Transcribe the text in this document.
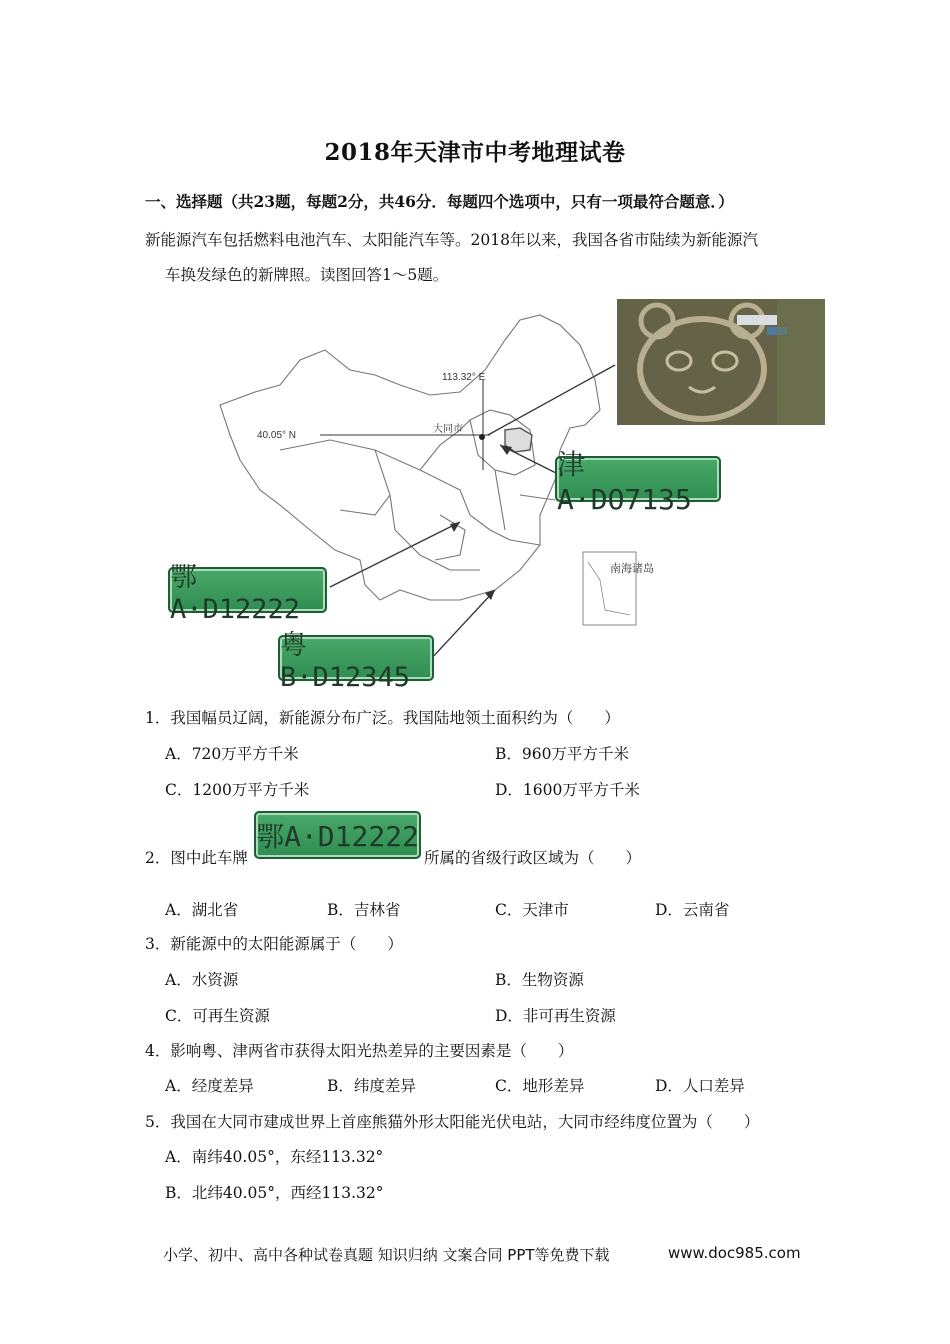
2018年天津市中考地理试卷
一、选择题（共23题，每题2分，共46分．每题四个选项中，只有一项最符合题意．）
新能源汽车包括燃料电池汽车、太阳能汽车等。2018年以来，我国各省市陆续为新能源汽
车换发绿色的新牌照。读图回答1～5题。
113.32° E
40.05° N
大同市
南海诸岛
津A·DO7135
鄂A·D12222
粤B·D12345
1．我国幅员辽阔，新能源分布广泛。我国陆地领土面积约为（　　）
A．720万平方千米	B．960万平方千米
C．1200万平方千米	D．1600万平方千米
2．图中此车牌
鄂A·D12222
所属的省级行政区域为（　　）
A．湖北省	B．吉林省	C．天津市	D．云南省
3．新能源中的太阳能源属于（　　）
A．水资源	B．生物资源
C．可再生资源	D．非可再生资源
4．影响粤、津两省市获得太阳光热差异的主要因素是（　　）
A．经度差异	B．纬度差异	C．地形差异	D．人口差异
5．我国在大同市建成世界上首座熊猫外形太阳能光伏电站，大同市经纬度位置为（　　）
A．南纬40.05°，东经113.32°
B．北纬40.05°，西经113.32°
小学、初中、高中各种试卷真题 知识归纳 文案合同 PPT等免费下载	www.doc985.com
